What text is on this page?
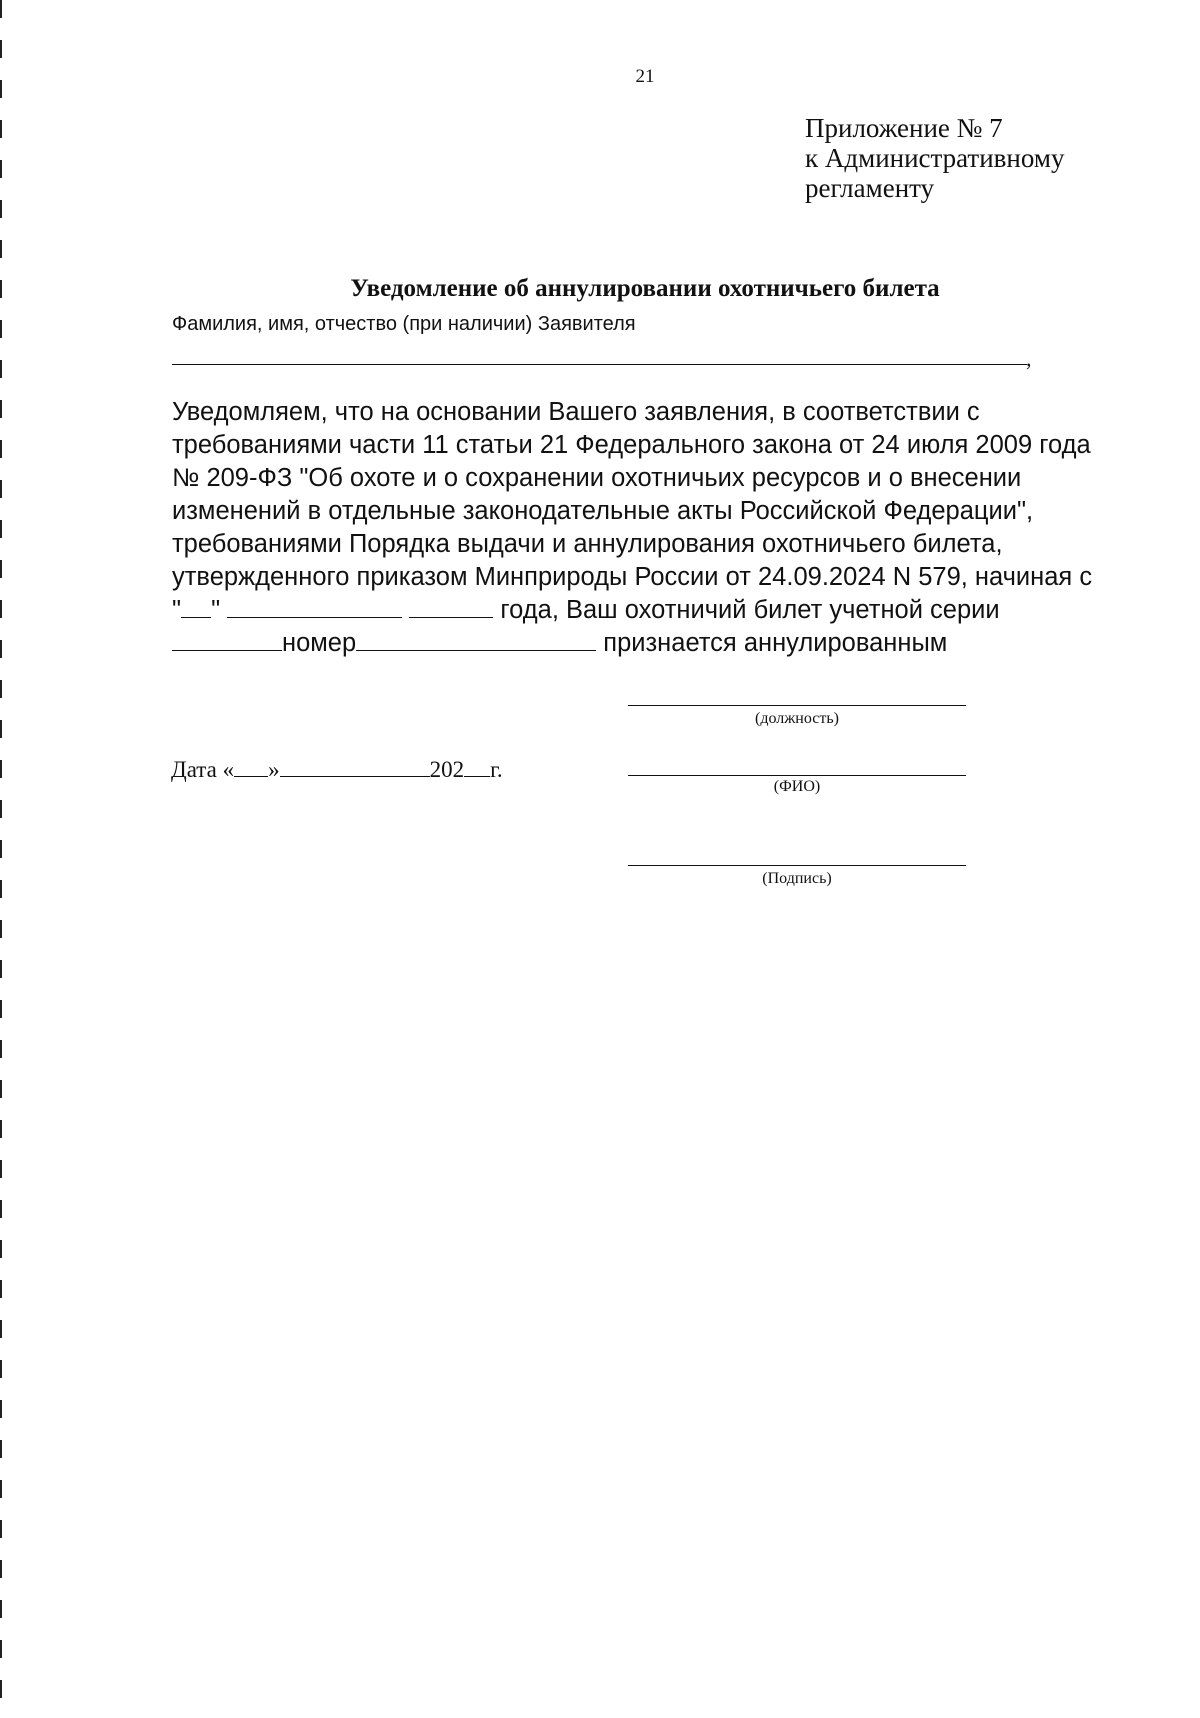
21
Приложение № 7
к Административному
регламенту
Уведомление об аннулировании охотничьего билета
Фамилия, имя, отчество (при наличии) Заявителя
,
Уведомляем, что на основании Вашего заявления, в соответствии с
требованиями части 11 статьи 21 Федерального закона от 24 июля 2009 года
№ 209-ФЗ "Об охоте и о сохранении охотничьих ресурсов и о внесении
изменений в отдельные законодательные акты Российской Федерации",
требованиями Порядка выдачи и аннулирования охотничьего билета,
утвержденного приказом Минприроды России от 24.09.2024 N 579, начиная с
" "	года, Ваш охотничий билет учетной серии
номер	признается аннулированным
(должность)
Дата « »	202 г.
(ФИО)
(Подпись)
